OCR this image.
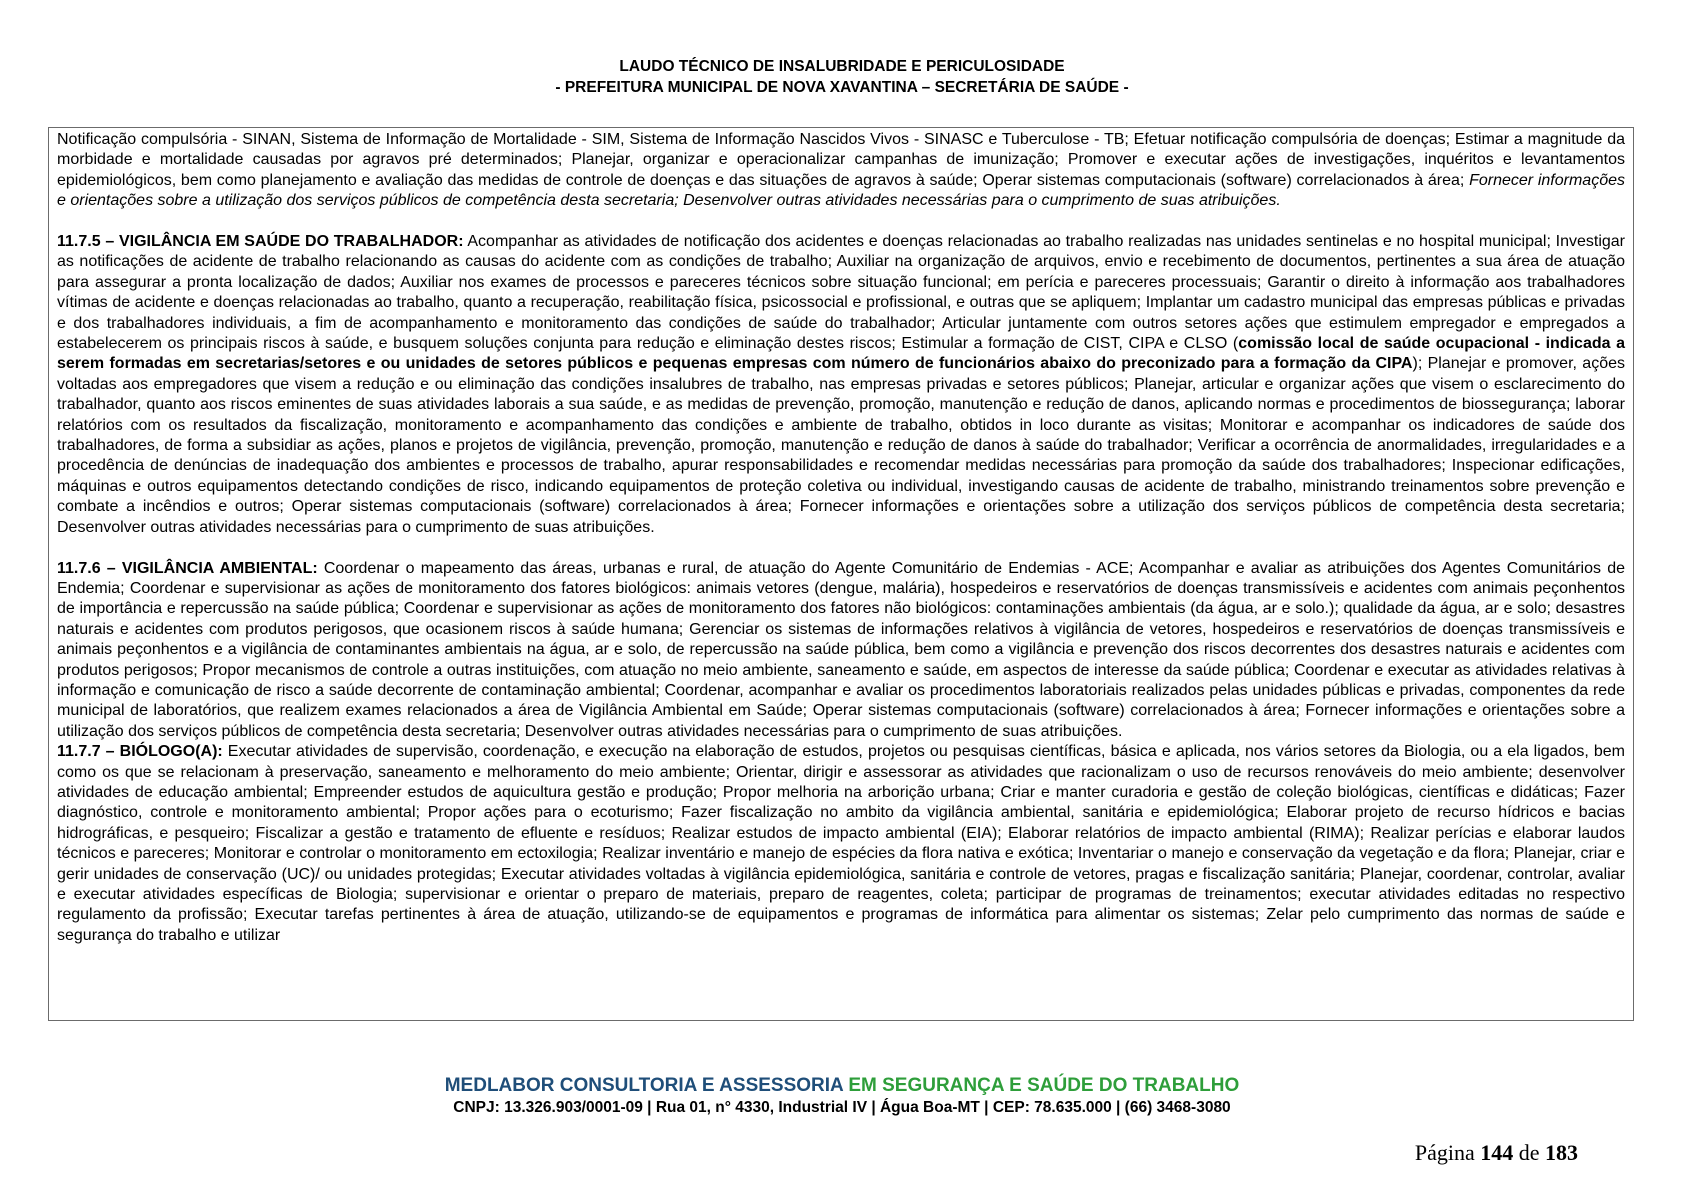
LAUDO TÉCNICO DE INSALUBRIDADE E PERICULOSIDADE
- PREFEITURA MUNICIPAL DE NOVA XAVANTINA – SECRETÁRIA DE SAÚDE -

Notificação compulsória - SINAN, Sistema de Informação de Mortalidade - SIM, Sistema de Informação Nascidos Vivos - SINASC e Tuberculose - TB; Efetuar notificação compulsória de doenças; Estimar a magnitude da morbidade e mortalidade causadas por agravos pré determinados; Planejar, organizar e operacionalizar campanhas de imunização; Promover e executar ações de investigações, inquéritos e levantamentos epidemiológicos, bem como planejamento e avaliação das medidas de controle de doenças e das situações de agravos à saúde; Operar sistemas computacionais (software) correlacionados à área; Fornecer informações e orientações sobre a utilização dos serviços públicos de competência desta secretaria; Desenvolver outras atividades necessárias para o cumprimento de suas atribuições.

11.7.5 – VIGILÂNCIA EM SAÚDE DO TRABALHADOR: Acompanhar as atividades de notificação dos acidentes e doenças relacionadas ao trabalho realizadas nas unidades sentinelas e no hospital municipal; Investigar as notificações de acidente de trabalho relacionando as causas do acidente com as condições de trabalho; Auxiliar na organização de arquivos, envio e recebimento de documentos, pertinentes a sua área de atuação para assegurar a pronta localização de dados; Auxiliar nos exames de processos e pareceres técnicos sobre situação funcional; em perícia e pareceres processuais; Garantir o direito à informação aos trabalhadores vítimas de acidente e doenças relacionadas ao trabalho, quanto a recuperação, reabilitação física, psicossocial e profissional, e outras que se apliquem; Implantar um cadastro municipal das empresas públicas e privadas e dos trabalhadores individuais, a fim de acompanhamento e monitoramento das condições de saúde do trabalhador; Articular juntamente com outros setores ações que estimulem empregador e empregados a estabelecerem os principais riscos à saúde, e busquem soluções conjunta para redução e eliminação destes riscos; Estimular a formação de CIST, CIPA e CLSO (comissão local de saúde ocupacional - indicada a serem formadas em secretarias/setores e ou unidades de setores públicos e pequenas empresas com número de funcionários abaixo do preconizado para a formação da CIPA); Planejar e promover, ações voltadas aos empregadores que visem a redução e ou eliminação das condições insalubres de trabalho, nas empresas privadas e setores públicos; Planejar, articular e organizar ações que visem o esclarecimento do trabalhador, quanto aos riscos eminentes de suas atividades laborais a sua saúde, e as medidas de prevenção, promoção, manutenção e redução de danos, aplicando normas e procedimentos de biossegurança; laborar relatórios com os resultados da fiscalização, monitoramento e acompanhamento das condições e ambiente de trabalho, obtidos in loco durante as visitas; Monitorar e acompanhar os indicadores de saúde dos trabalhadores, de forma a subsidiar as ações, planos e projetos de vigilância, prevenção, promoção, manutenção e redução de danos à saúde do trabalhador; Verificar a ocorrência de anormalidades, irregularidades e a procedência de denúncias de inadequação dos ambientes e processos de trabalho, apurar responsabilidades e recomendar medidas necessárias para promoção da saúde dos trabalhadores; Inspecionar edificações, máquinas e outros equipamentos detectando condições de risco, indicando equipamentos de proteção coletiva ou individual, investigando causas de acidente de trabalho, ministrando treinamentos sobre prevenção e combate a incêndios e outros; Operar sistemas computacionais (software) correlacionados à área; Fornecer informações e orientações sobre a utilização dos serviços públicos de competência desta secretaria; Desenvolver outras atividades necessárias para o cumprimento de suas atribuições.

11.7.6 – VIGILÂNCIA AMBIENTAL: Coordenar o mapeamento das áreas, urbanas e rural, de atuação do Agente Comunitário de Endemias - ACE; Acompanhar e avaliar as atribuições dos Agentes Comunitários de Endemia; Coordenar e supervisionar as ações de monitoramento dos fatores biológicos: animais vetores (dengue, malária), hospedeiros e reservatórios de doenças transmissíveis e acidentes com animais peçonhentos de importância e repercussão na saúde pública; Coordenar e supervisionar as ações de monitoramento dos fatores não biológicos: contaminações ambientais (da água, ar e solo.); qualidade da água, ar e solo; desastres naturais e acidentes com produtos perigosos, que ocasionem riscos à saúde humana; Gerenciar os sistemas de informações relativos à vigilância de vetores, hospedeiros e reservatórios de doenças transmissíveis e animais peçonhentos e a vigilância de contaminantes ambientais na água, ar e solo, de repercussão na saúde pública, bem como a vigilância e prevenção dos riscos decorrentes dos desastres naturais e acidentes com produtos perigosos; Propor mecanismos de controle a outras instituições, com atuação no meio ambiente, saneamento e saúde, em aspectos de interesse da saúde pública; Coordenar e executar as atividades relativas à informação e comunicação de risco a saúde decorrente de contaminação ambiental; Coordenar, acompanhar e avaliar os procedimentos laboratoriais realizados pelas unidades públicas e privadas, componentes da rede municipal de laboratórios, que realizem exames relacionados a área de Vigilância Ambiental em Saúde; Operar sistemas computacionais (software) correlacionados à área; Fornecer informações e orientações sobre a utilização dos serviços públicos de competência desta secretaria; Desenvolver outras atividades necessárias para o cumprimento de suas atribuições.

11.7.7 – BIÓLOGO(A): Executar atividades de supervisão, coordenação, e execução na elaboração de estudos, projetos ou pesquisas científicas, básica e aplicada, nos vários setores da Biologia, ou a ela ligados, bem como os que se relacionam à preservação, saneamento e melhoramento do meio ambiente; Orientar, dirigir e assessorar as atividades que racionalizam o uso de recursos renováveis do meio ambiente; desenvolver atividades de educação ambiental; Empreender estudos de aquicultura gestão e produção; Propor melhoria na arborição urbana; Criar e manter curadoria e gestão de coleção biológicas, científicas e didáticas; Fazer diagnóstico, controle e monitoramento ambiental; Propor ações para o ecoturismo; Fazer fiscalização no ambito da vigilância ambiental, sanitária e epidemiológica; Elaborar projeto de recurso hídricos e bacias hidrográficas, e pesqueiro; Fiscalizar a gestão e tratamento de efluente e resíduos; Realizar estudos de impacto ambiental (EIA); Elaborar relatórios de impacto ambiental (RIMA); Realizar perícias e elaborar laudos técnicos e pareceres; Monitorar e controlar o monitoramento em ectoxilogia; Realizar inventário e manejo de espécies da flora nativa e exótica; Inventariar o manejo e conservação da vegetação e da flora; Planejar, criar e gerir unidades de conservação (UC)/ ou unidades protegidas; Executar atividades voltadas à vigilância epidemiológica, sanitária e controle de vetores, pragas e fiscalização sanitária; Planejar, coordenar, controlar, avaliar e executar atividades específicas de Biologia; supervisionar e orientar o preparo de materiais, preparo de reagentes, coleta; participar de programas de treinamentos; executar atividades editadas no respectivo regulamento da profissão; Executar tarefas pertinentes à área de atuação, utilizando-se de equipamentos e programas de informática para alimentar os sistemas; Zelar pelo cumprimento das normas de saúde e segurança do trabalho e utilizar

MEDLABOR CONSULTORIA E ASSESSORIA EM SEGURANÇA E SAÚDE DO TRABALHO
CNPJ: 13.326.903/0001-09 | Rua 01, n° 4330, Industrial IV | Água Boa-MT | CEP: 78.635.000 | (66) 3468-3080
Página 144 de 183
